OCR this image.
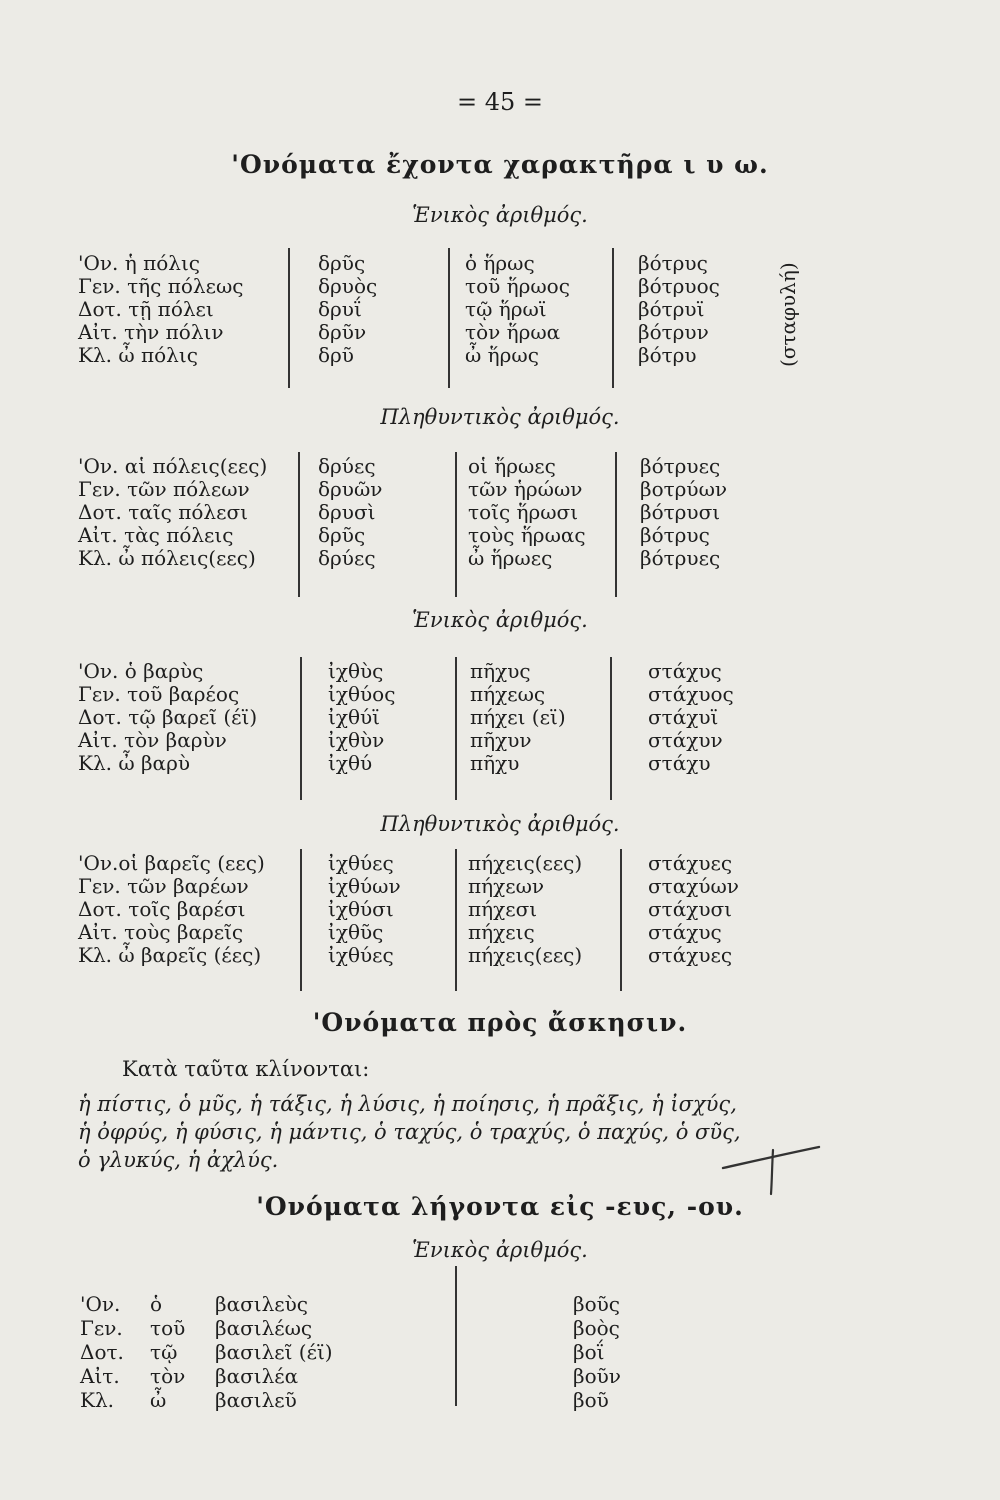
= 45 =
'Ονόματα ἔχοντα χαρακτῆρα ι υ ω.
Ἑνικὸς ἀριθμός.
'Ον. ἡ πόλις
Γεν. τῆς πόλεως
Δοτ. τῇ πόλει
Αἰτ. τὴν πόλιν
Κλ. ὦ πόλις
δρῦς
δρυὸς
δρυΐ
δρῦν
δρῦ
ὁ ἥρως
τοῦ ἥρωος
τῷ ἥρωϊ
τὸν ἥρωα
ὦ ἥρως
βότρυς
βότρυος
βότρυϊ
βότρυν
βότρυ	(σταφυλή)
Πληθυντικὸς ἀριθμός.
'Ον. αἱ πόλεις(εες)
Γεν. τῶν πόλεων
Δοτ. ταῖς πόλεσι
Αἰτ. τὰς πόλεις
Κλ. ὦ πόλεις(εες)
δρύες
δρυῶν
δρυσὶ
δρῦς
δρύες
οἱ ἥρωες
τῶν ἡρώων
τοῖς ἥρωσι
τοὺς ἥρωας
ὦ ἥρωες
βότρυες
βοτρύων
βότρυσι
βότρυς
βότρυες
Ἑνικὸς ἀριθμός.
'Ον. ὁ βαρὺς
Γεν. τοῦ βαρέος
Δοτ. τῷ βαρεῖ (έϊ)
Αἰτ. τὸν βαρὺν
Κλ. ὦ βαρὺ
ἰχθὺς
ἰχθύος
ἰχθύϊ
ἰχθὺν
ἰχθύ
πῆχυς
πήχεως
πήχει (εϊ)
πῆχυν
πῆχυ
στάχυς
στάχυος
στάχυϊ
στάχυν
στάχυ
Πληθυντικὸς ἀριθμός.
'Ον.οἱ βαρεῖς (εες)
Γεν. τῶν βαρέων
Δοτ. τοῖς βαρέσι
Αἰτ. τοὺς βαρεῖς
Κλ. ὦ βαρεῖς (έες)
ἰχθύες
ἰχθύων
ἰχθύσι
ἰχθῦς
ἰχθύες
πήχεις(εες)
πήχεων
πήχεσι
πήχεις
πήχεις(εες)
στάχυες
σταχύων
στάχυσι
στάχυς
στάχυες
'Ονόματα πρὸς ἄσκησιν.
Κατὰ ταῦτα κλίνονται:
ἡ πίστις, ὁ μῦς, ἡ τάξις, ἡ λύσις, ἡ ποίησις, ἡ πρᾶξις, ἡ ἰσχύς,
ἡ ὀφρύς, ἡ φύσις, ἡ μάντις, ὁ ταχύς, ὁ τραχύς, ὁ παχύς, ὁ σῦς,
ὁ γλυκύς, ἡ ἀχλύς.
'Ονόματα λήγοντα εἰς -ευς, -ου.
Ἑνικὸς ἀριθμός.
'Ον.
Γεν.
Δοτ.
Αἰτ.
Κλ.
ὁ
τοῦ
τῷ
τὸν
ὦ
βασιλεὺς
βασιλέως
βασιλεῖ (έϊ)
βασιλέα
βασιλεῦ
βοῦς
βοὸς
βοΐ
βοῦν
βοῦ
